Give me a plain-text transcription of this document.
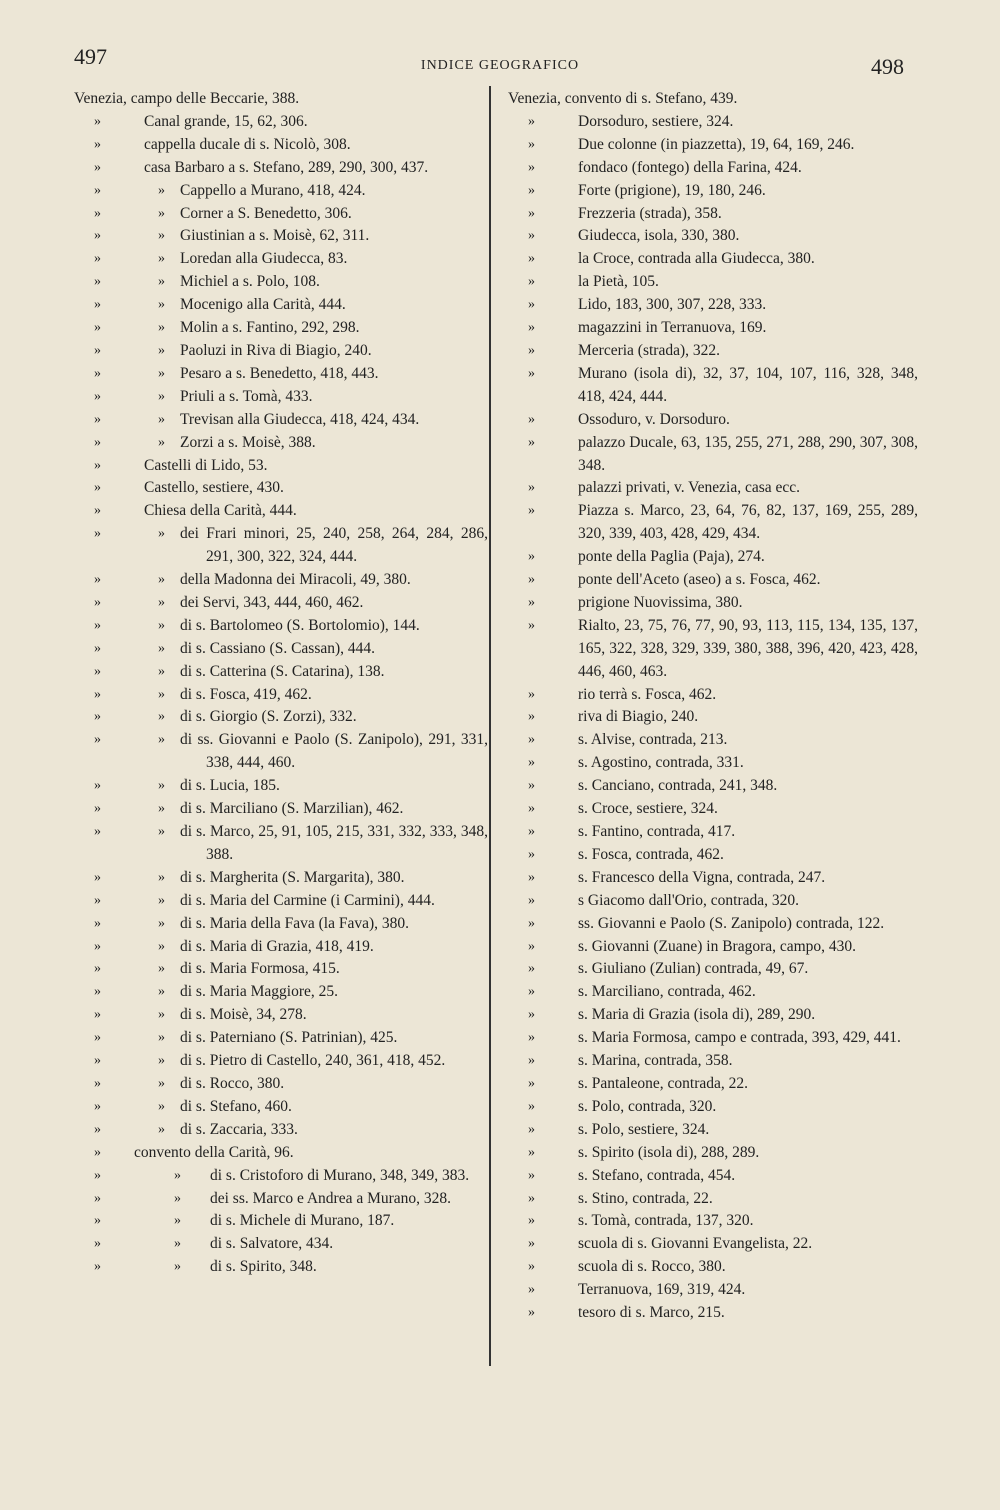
497	INDICE GEOGRAFICO	498
Venezia, campo delle Beccarie, 388.
»	Canal grande, 15, 62, 306.
»	cappella ducale di s. Nicolò, 308.
»	casa Barbaro a s. Stefano, 289, 290, 300, 437.
»	» Cappello a Murano, 418, 424.
»	» Corner a S. Benedetto, 306.
»	» Giustinian a s. Moisè, 62, 311.
»	» Loredan alla Giudecca, 83.
»	» Michiel a s. Polo, 108.
»	» Mocenigo alla Carità, 444.
»	» Molin a s. Fantino, 292, 298.
»	» Paoluzi in Riva di Biagio, 240.
»	» Pesaro a s. Benedetto, 418, 443.
»	» Priuli a s. Tomà, 433.
»	» Trevisan alla Giudecca, 418, 424, 434.
»	» Zorzi a s. Moisè, 388.
»	Castelli di Lido, 53.
»	Castello, sestiere, 430.
»	Chiesa della Carità, 444.
»	» dei Frari minori, 25, 240, 258, 264, 284, 286, 291, 300, 322, 324, 444.
»	» della Madonna dei Miracoli, 49, 380.
»	» dei Servi, 343, 444, 460, 462.
»	» di s. Bartolomeo (S. Bortolomio), 144.
»	» di s. Cassiano (S. Cassan), 444.
»	» di s. Catterina (S. Catarina), 138.
»	» di s. Fosca, 419, 462.
»	» di s. Giorgio (S. Zorzi), 332.
»	» di ss. Giovanni e Paolo (S. Zanipolo), 291, 331, 338, 444, 460.
»	» di s. Lucia, 185.
»	» di s. Marciliano (S. Marzilian), 462.
»	» di s. Marco, 25, 91, 105, 215, 331, 332, 333, 348, 388.
»	» di s. Margherita (S. Margarita), 380.
»	» di s. Maria del Carmine (i Carmini), 444.
»	» di s. Maria della Fava (la Fava), 380.
»	» di s. Maria di Grazia, 418, 419.
»	» di s. Maria Formosa, 415.
»	» di s. Maria Maggiore, 25.
»	» di s. Moisè, 34, 278.
»	» di s. Paterniano (S. Patrinian), 425.
»	» di s. Pietro di Castello, 240, 361, 418, 452.
»	» di s. Rocco, 380.
»	» di s. Stefano, 460.
»	» di s. Zaccaria, 333.
» convento della Carità, 96.
»	» di s. Cristoforo di Murano, 348, 349, 383.
»	» dei ss. Marco e Andrea a Murano, 328.
»	» di s. Michele di Murano, 187.
»	» di s. Salvatore, 434.
»	» di s. Spirito, 348.
Venezia, convento di s. Stefano, 439.
»	Dorsoduro, sestiere, 324.
»	Due colonne (in piazzetta), 19, 64, 169, 246.
»	fondaco (fontego) della Farina, 424.
»	Forte (prigione), 19, 180, 246.
»	Frezzeria (strada), 358.
»	Giudecca, isola, 330, 380.
»	la Croce, contrada alla Giudecca, 380.
»	la Pietà, 105.
»	Lido, 183, 300, 307, 228, 333.
»	magazzini in Terranuova, 169.
»	Merceria (strada), 322.
»	Murano (isola di), 32, 37, 104, 107, 116, 328, 348, 418, 424, 444.
»	Ossoduro, v. Dorsoduro.
»	palazzo Ducale, 63, 135, 255, 271, 288, 290, 307, 308, 348.
»	palazzi privati, v. Venezia, casa ecc.
»	Piazza s. Marco, 23, 64, 76, 82, 137, 169, 255, 289, 320, 339, 403, 428, 429, 434.
»	ponte della Paglia (Paja), 274.
»	ponte dell'Aceto (aseo) a s. Fosca, 462.
»	prigione Nuovissima, 380.
»	Rialto, 23, 75, 76, 77, 90, 93, 113, 115, 134, 135, 137, 165, 322, 328, 329, 339, 380, 388, 396, 420, 423, 428, 446, 460, 463.
»	rio terrà s. Fosca, 462.
»	riva di Biagio, 240.
»	s. Alvise, contrada, 213.
»	s. Agostino, contrada, 331.
»	s. Canciano, contrada, 241, 348.
»	s. Croce, sestiere, 324.
»	s. Fantino, contrada, 417.
»	s. Fosca, contrada, 462.
»	s. Francesco della Vigna, contrada, 247.
»	s Giacomo dall'Orio, contrada, 320.
»	ss. Giovanni e Paolo (S. Zanipolo) contrada, 122.
»	s. Giovanni (Zuane) in Bragora, campo, 430.
»	s. Giuliano (Zulian) contrada, 49, 67.
»	s. Marciliano, contrada, 462.
»	s. Maria di Grazia (isola di), 289, 290.
»	s. Maria Formosa, campo e contrada, 393, 429, 441.
»	s. Marina, contrada, 358.
»	s. Pantaleone, contrada, 22.
»	s. Polo, contrada, 320.
»	s. Polo, sestiere, 324.
»	s. Spirito (isola di), 288, 289.
»	s. Stefano, contrada, 454.
»	s. Stino, contrada, 22.
»	s. Tomà, contrada, 137, 320.
»	scuola di s. Giovanni Evangelista, 22.
»	scuola di s. Rocco, 380.
»	Terranuova, 169, 319, 424.
»	tesoro di s. Marco, 215.
